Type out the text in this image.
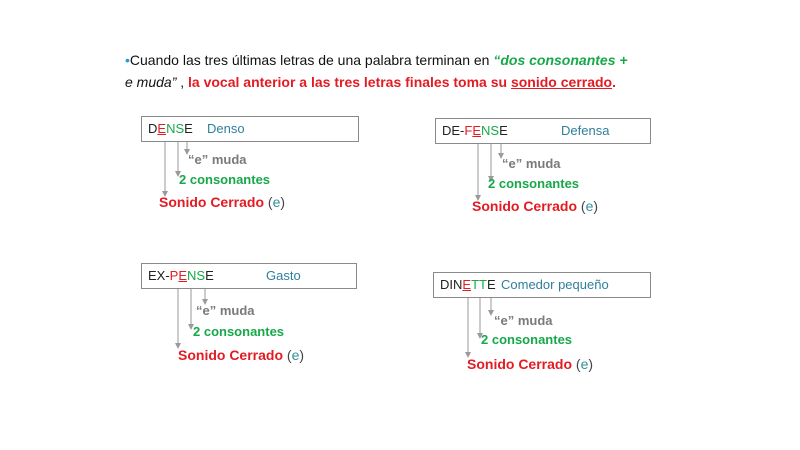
•Cuando las tres últimas letras de una palabra terminan en “dos consonantes +
e muda” , la vocal anterior a las tres letras finales toma su sonido cerrado.
DENSE Denso
“e” muda
2 consonantes
Sonido Cerrado (e)
DE-FENSE	Defensa
“e” muda
2 consonantes
Sonido Cerrado (e)
EX-PENSE	Gasto
“e” muda
2 consonantes
Sonido Cerrado (e)
DINETTE Comedor pequeño
“e” muda
2 consonantes
Sonido Cerrado (e)
